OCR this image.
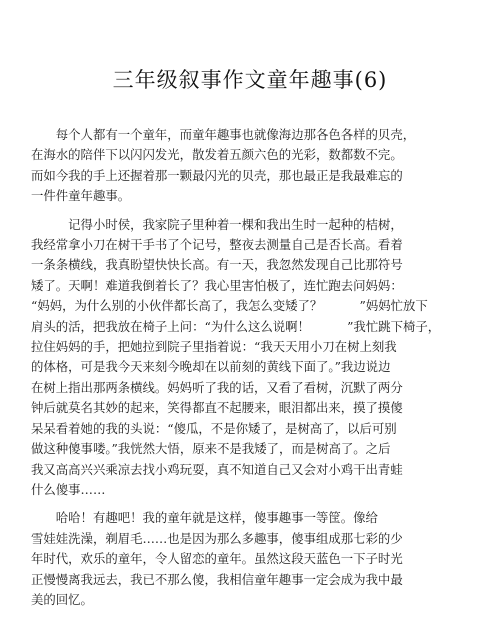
三年级叙事作文童年趣事(6)
　　每个人都有一个童年，而童年趣事也就像海边那各色各样的贝壳，
在海水的陪伴下以闪闪发光，散发着五颜六色的光彩，数都数不完。
而如今我的手上还握着那一颗最闪光的贝壳，那也最正是我最难忘的
一件件童年趣事。
　　　记得小时侯，我家院子里种着一棵和我出生时一起种的桔树，
我经常拿小刀在树干手书了个记号，整夜去测量自己是否长高。看着
一条条横线，我真盼望快快长高。有一天，我忽然发现自己比那符号
矮了。天啊！难道我倒着长了？我心里害怕极了，连忙跑去问妈妈：
“妈妈，为什么别的小伙伴都长高了，我怎么变矮了？　　　”妈妈忙放下
肩头的活，把我放在椅子上问：“为什么这么说啊！　　　”我忙跳下椅子，
拉住妈妈的手，把她拉到院子里指着说：“我天天用小刀在树上刻我
的体格，可是我今天来刻今晚却在以前刻的黄线下面了。”我边说边
在树上指出那两条横线。妈妈听了我的话，又看了看树，沉默了两分
钟后就莫名其妙的起来，笑得都直不起腰来，眼泪都出来，摸了摸傻
呆呆看着她的我的头说：“傻瓜，不是你矮了，是树高了，以后可别
做这种傻事喽。”我恍然大悟，原来不是我矮了，而是树高了。之后
我又高高兴兴乘凉去找小鸡玩耍，真不知道自己又会对小鸡干出青蛙
什么傻事……
　　哈哈！有趣吧！我的童年就是这样，傻事趣事一等筐。像给
雪娃娃洗澡，剃眉毛……也是因为那么多趣事，傻事组成那七彩的少
年时代，欢乐的童年，令人留恋的童年。虽然这段天蓝色一下子时光
正慢慢离我远去，我已不那么傻，我相信童年趣事一定会成为我中最
美的回忆。
